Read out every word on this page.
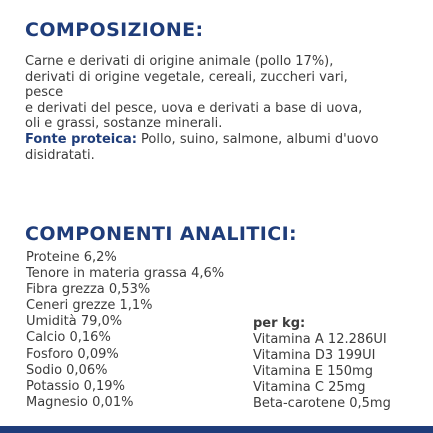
COMPOSIZIONE:

Carne e derivati di origine animale (pollo 17%),

derivati di origine vegetale, cereali, zuccheri vari,

pesce

e derivati del pesce, uova e derivati a base di uova,

oli e grassi, sostanze minerali.

Fonte proteica: Pollo, suino, salmone, albumi d'uovo disidratati.

COMPONENTI ANALITICI:
Proteine 6,2%
Tenore in materia grassa 4,6%
Fibra grezza 0,53%
Ceneri grezze 1,1%
Umidità 79,0%
Calcio 0,16%
Fosforo 0,09%
Sodio 0,06%
Potassio 0,19%
Magnesio 0,01%
per kg:
Vitamina A 12.286UI
Vitamina D3 199UI
Vitamina E 150mg
Vitamina C 25mg
Beta-carotene 0,5mg
